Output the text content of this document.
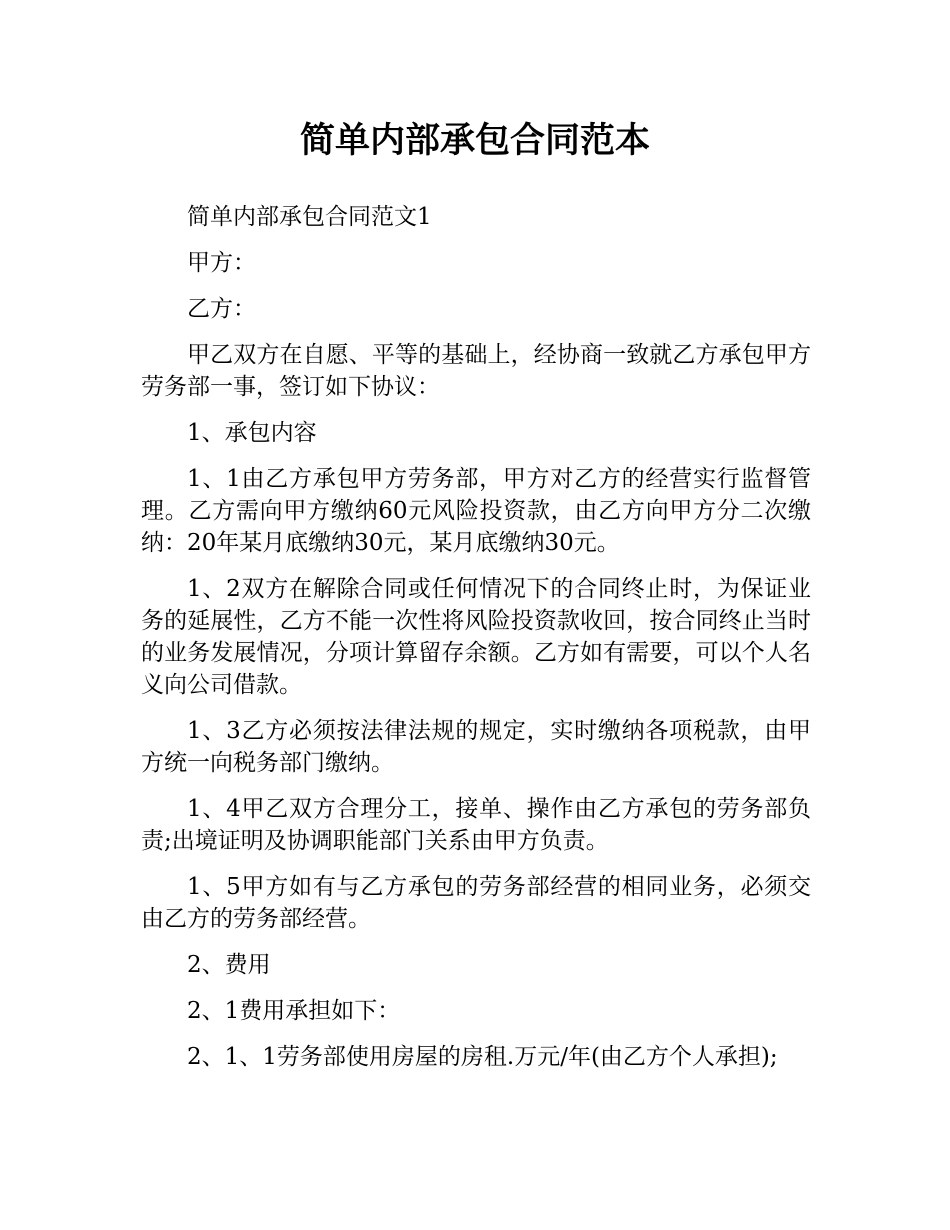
简单内部承包合同范本

简单内部承包合同范文1

甲方：

乙方：

甲乙双方在自愿、平等的基础上，经协商一致就乙方承包甲方劳务部一事，签订如下协议：

1、承包内容

1、1由乙方承包甲方劳务部，甲方对乙方的经营实行监督管理。乙方需向甲方缴纳60元风险投资款，由乙方向甲方分二次缴纳：20年某月底缴纳30元，某月底缴纳30元。

1、2双方在解除合同或任何情况下的合同终止时，为保证业务的延展性，乙方不能一次性将风险投资款收回，按合同终止当时的业务发展情况，分项计算留存余额。乙方如有需要，可以个人名义向公司借款。

1、3乙方必须按法律法规的规定，实时缴纳各项税款，由甲方统一向税务部门缴纳。

1、4甲乙双方合理分工，接单、操作由乙方承包的劳务部负责;出境证明及协调职能部门关系由甲方负责。

1、5甲方如有与乙方承包的劳务部经营的相同业务，必须交由乙方的劳务部经营。

2、费用

2、1费用承担如下：

2、1、1劳务部使用房屋的房租.万元/年(由乙方个人承担);
